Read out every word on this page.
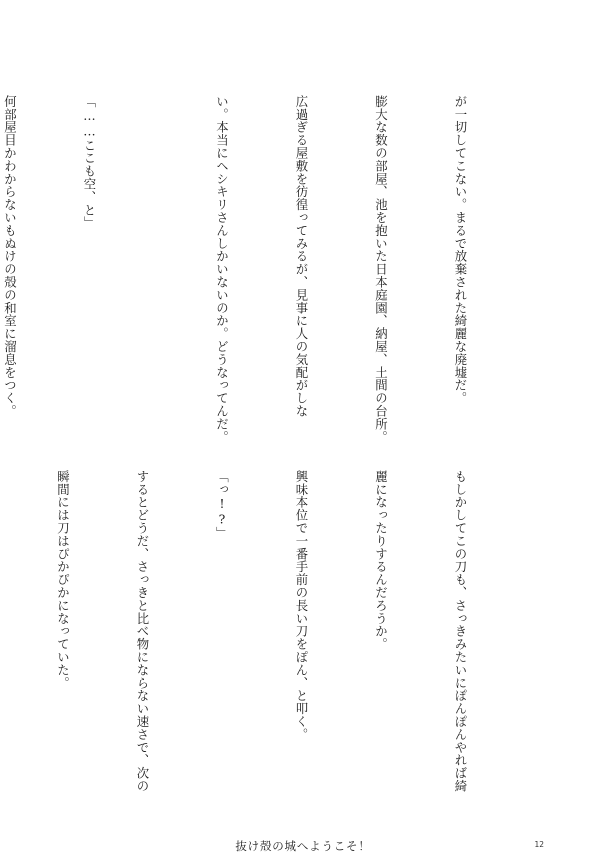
が一切してこない。まるで放棄された綺麗な廃墟だ。

膨大な数の部屋、池を抱いた日本庭園、納屋、土間の台所。

広過ぎる屋敷を彷徨ってみるが、見事に人の気配がしな

い。本当にヘシキリさんしかいないのか。どうなってんだ。

「……ここも空、と」

何部屋目かわからないもぬけの殻の和室に溜息をつく。

もしかしてこの刀も、さっきみたいにぽんぽんやれば綺

麗になったりするんだろうか。

興味本位で一番手前の長い刀をぽん、と叩く。

「っ!?」

するとどうだ、さっきと比べ物にならない速さで、次の

瞬間には刀はぴかぴかになっていた。

抜け殻の城へようこそ！	12
